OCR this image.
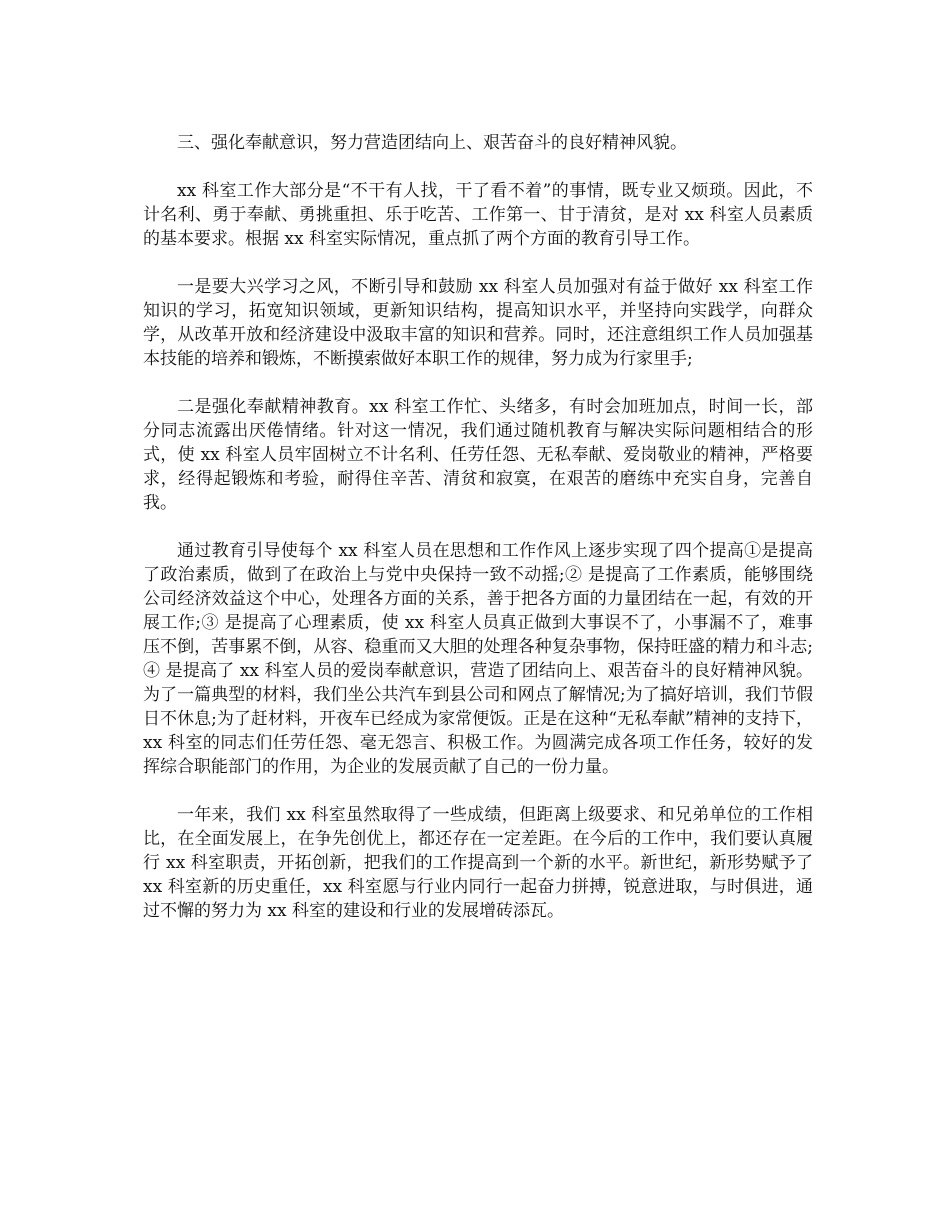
三、强化奉献意识，努力营造团结向上、艰苦奋斗的良好精神风貌。

xx 科室工作大部分是“不干有人找，干了看不着”的事情，既专业又烦琐。因此，不计名利、勇于奉献、勇挑重担、乐于吃苦、工作第一、甘于清贫，是对 xx 科室人员素质的基本要求。根据 xx 科室实际情况，重点抓了两个方面的教育引导工作。

一是要大兴学习之风，不断引导和鼓励 xx 科室人员加强对有益于做好 xx 科室工作知识的学习，拓宽知识领域，更新知识结构，提高知识水平，并坚持向实践学，向群众学，从改革开放和经济建设中汲取丰富的知识和营养。同时，还注意组织工作人员加强基本技能的培养和锻炼，不断摸索做好本职工作的规律，努力成为行家里手;

二是强化奉献精神教育。xx 科室工作忙、头绪多，有时会加班加点，时间一长，部分同志流露出厌倦情绪。针对这一情况，我们通过随机教育与解决实际问题相结合的形式，使 xx 科室人员牢固树立不计名利、任劳任怨、无私奉献、爱岗敬业的精神，严格要求，经得起锻炼和考验，耐得住辛苦、清贫和寂寞，在艰苦的磨练中充实自身，完善自我。

通过教育引导使每个 xx 科室人员在思想和工作作风上逐步实现了四个提高①是提高了政治素质，做到了在政治上与党中央保持一致不动摇;② 是提高了工作素质，能够围绕公司经济效益这个中心，处理各方面的关系，善于把各方面的力量团结在一起，有效的开展工作;③ 是提高了心理素质，使 xx 科室人员真正做到大事误不了，小事漏不了，难事压不倒，苦事累不倒，从容、稳重而又大胆的处理各种复杂事物，保持旺盛的精力和斗志;④ 是提高了 xx 科室人员的爱岗奉献意识，营造了团结向上、艰苦奋斗的良好精神风貌。为了一篇典型的材料，我们坐公共汽车到县公司和网点了解情况;为了搞好培训，我们节假日不休息;为了赶材料，开夜车已经成为家常便饭。正是在这种“无私奉献”精神的支持下，xx 科室的同志们任劳任怨、毫无怨言、积极工作。为圆满完成各项工作任务，较好的发挥综合职能部门的作用，为企业的发展贡献了自己的一份力量。

一年来，我们 xx 科室虽然取得了一些成绩，但距离上级要求、和兄弟单位的工作相比，在全面发展上，在争先创优上，都还存在一定差距。在今后的工作中，我们要认真履行 xx 科室职责，开拓创新，把我们的工作提高到一个新的水平。新世纪，新形势赋予了 xx 科室新的历史重任，xx 科室愿与行业内同行一起奋力拼搏，锐意进取，与时俱进，通过不懈的努力为 xx 科室的建设和行业的发展增砖添瓦。
